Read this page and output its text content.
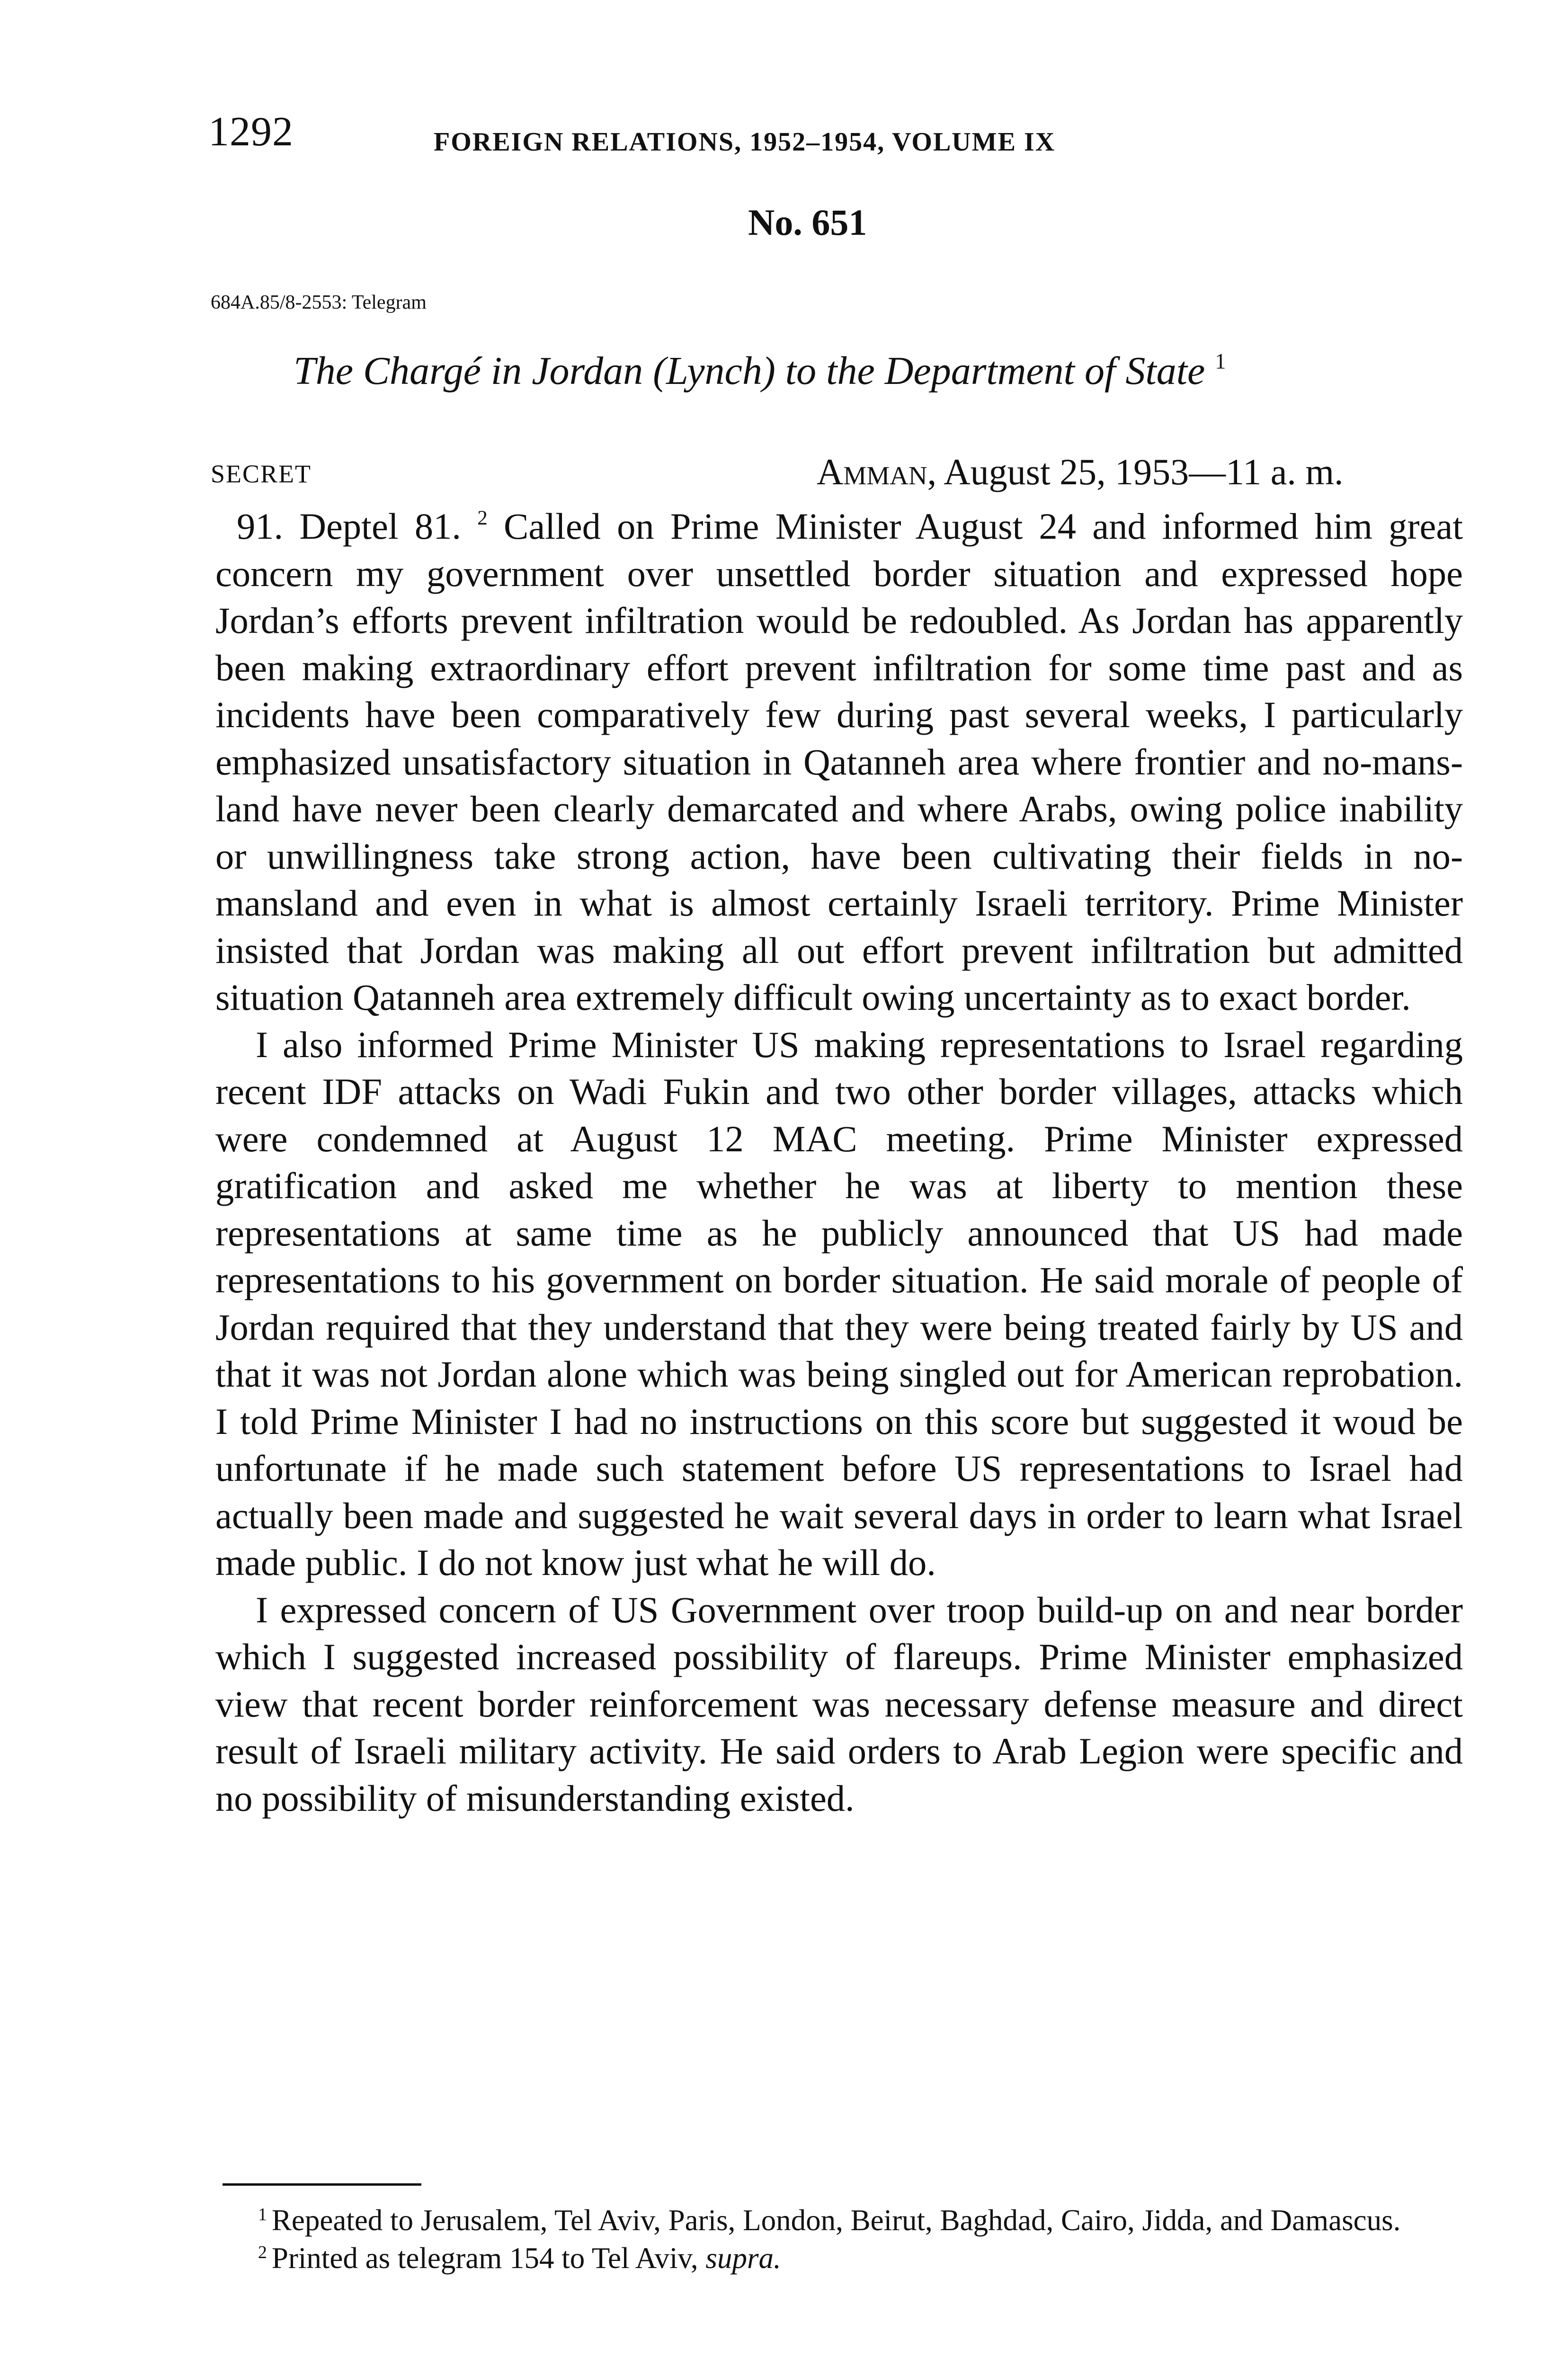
1292	FOREIGN RELATIONS, 1952–1954, VOLUME IX
No. 651
684A.85/8-2553: Telegram
The Chargé in Jordan (Lynch) to the Department of State $^1$
SECRET	Amman, August 25, 1953—11 a. m.

91. Deptel 81. $^2$ Called on Prime Minister August 24 and informed him great concern my government over unsettled border situation and expressed hope Jordan’s efforts prevent infiltration would be redoubled. As Jordan has apparently been making extraordinary effort prevent infiltration for some time past and as incidents have been comparatively few during past several weeks, I particularly emphasized unsatisfactory situation in Qatanneh area where frontier and no-mans-land have never been clearly demarcated and where Arabs, owing police inability or unwillingness take strong action, have been cultivating their fields in no-mansland and even in what is almost certainly Israeli territory. Prime Minister insisted that Jordan was making all out effort prevent infiltration but admitted situation Qatanneh area extremely difficult owing uncertainty as to exact border.

I also informed Prime Minister US making representations to Israel regarding recent IDF attacks on Wadi Fukin and two other border villages, attacks which were condemned at August 12 MAC meeting. Prime Minister expressed gratification and asked me whether he was at liberty to mention these representations at same time as he publicly announced that US had made representations to his government on border situation. He said morale of people of Jordan required that they understand that they were being treated fairly by US and that it was not Jordan alone which was being singled out for American reprobation. I told Prime Minister I had no instructions on this score but suggested it woud be unfortunate if he made such statement before US representations to Israel had actually been made and suggested he wait several days in order to learn what Israel made public. I do not know just what he will do.

I expressed concern of US Government over troop build-up on and near border which I suggested increased possibility of flareups. Prime Minister emphasized view that recent border reinforcement was necessary defense measure and direct result of Israeli military activity. He said orders to Arab Legion were specific and no possibility of misunderstanding existed.

$^1$ Repeated to Jerusalem, Tel Aviv, Paris, London, Beirut, Baghdad, Cairo, Jidda, and Damascus.

$^2$ Printed as telegram 154 to Tel Aviv, supra.
